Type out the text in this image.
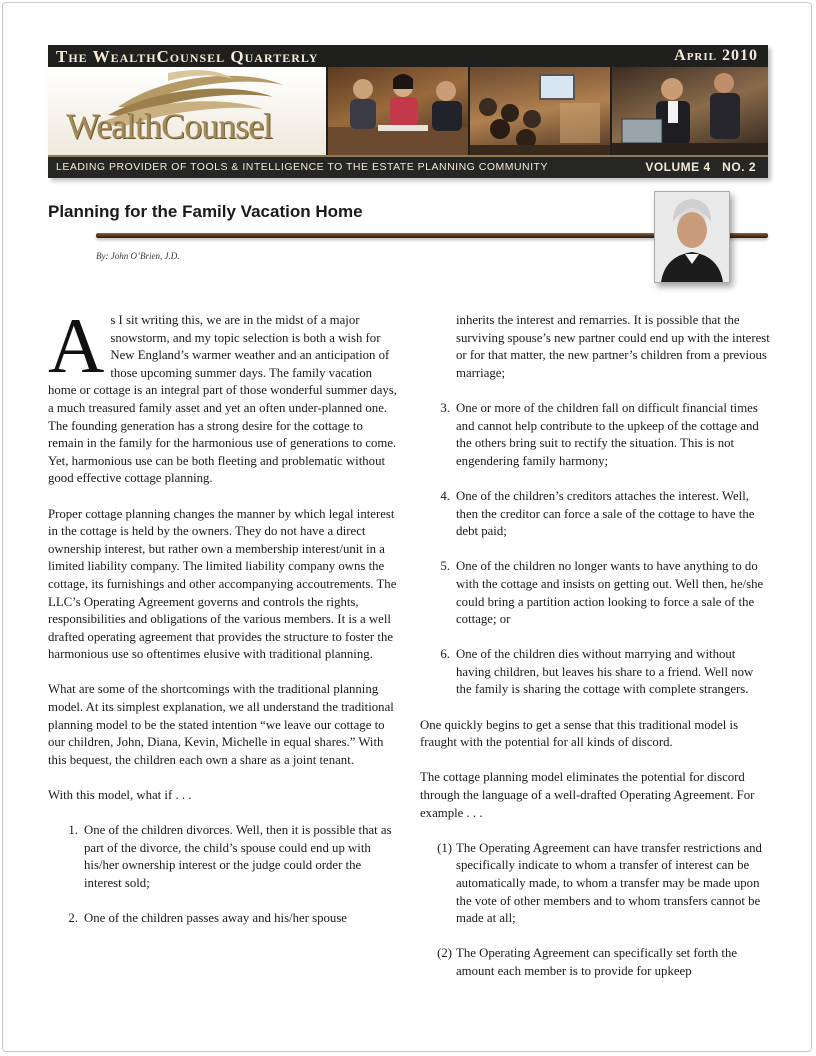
The WealthCounsel Quarterly	April 2010
WealthCounsel
LEADING PROVIDER OF TOOLS & INTELLIGENCE TO THE ESTATE PLANNING COMMUNITY	VOLUME 4   NO. 2
Planning for the Family Vacation Home
By: John O’Brien, J.D.

As I sit writing this, we are in the midst of a major snowstorm, and my topic selection is both a wish for New England’s warmer weather and an anticipation of those upcoming summer days. The family vacation home or cottage is an integral part of those wonderful summer days, a much treasured family asset and yet an often under-planned one. The founding generation has a strong desire for the cottage to remain in the family for the harmonious use of generations to come. Yet, harmonious use can be both fleeting and problematic without good effective cottage planning.

Proper cottage planning changes the manner by which legal interest in the cottage is held by the owners. They do not have a direct ownership interest, but rather own a membership interest/unit in a limited liability company. The limited liability company owns the cottage, its furnishings and other accompanying accoutrements. The LLC’s Operating Agreement governs and controls the rights, responsibilities and obligations of the various members. It is a well drafted operating agreement that provides the structure to foster the harmonious use so oftentimes elusive with traditional planning.

What are some of the shortcomings with the traditional planning model. At its simplest explanation, we all understand the traditional planning model to be the stated intention “we leave our cottage to our children, John, Diana, Kevin, Michelle in equal shares.” With this bequest, the children each own a share as a joint tenant.

With this model, what if . . .

1. One of the children divorces. Well, then it is possible that as part of the divorce, the child’s spouse could end up with his/her ownership interest or the judge could order the interest sold;
2. One of the children passes away and his/her spouse
inherits the interest and remarries. It is possible that the surviving spouse’s new partner could end up with the interest or for that matter, the new partner’s children from a previous marriage;
3. One or more of the children fall on difficult financial times and cannot help contribute to the upkeep of the cottage and the others bring suit to rectify the situation. This is not engendering family harmony;
4. One of the children’s creditors attaches the interest. Well, then the creditor can force a sale of the cottage to have the debt paid;
5. One of the children no longer wants to have anything to do with the cottage and insists on getting out. Well then, he/she could bring a partition action looking to force a sale of the cottage; or
6. One of the children dies without marrying and without having children, but leaves his share to a friend. Well now the family is sharing the cottage with complete strangers.

One quickly begins to get a sense that this traditional model is fraught with the potential for all kinds of discord.

The cottage planning model eliminates the potential for discord through the language of a well-drafted Operating Agreement. For example . . .

(1) The Operating Agreement can have transfer restrictions and specifically indicate to whom a transfer of interest can be automatically made, to whom a transfer may be made upon the vote of other members and to whom transfers cannot be made at all;
(2) The Operating Agreement can specifically set forth the amount each member is to provide for upkeep
